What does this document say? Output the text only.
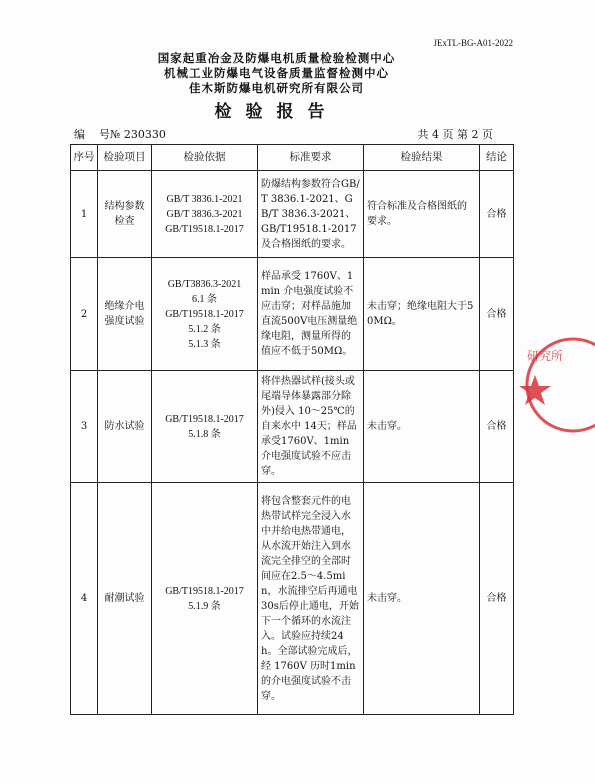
JExTL-BG-A01-2022
国家起重冶金及防爆电机质量检验检测中心
机械工业防爆电气设备质量监督检测中心
佳木斯防爆电机研究所有限公司
检验报告
编 号№ 230330	共 4 页 第 2 页
序号	检验项目	检验依据	标准要求	检验结果	结论
1	结构参数检查	GB/T 3836.1-2021
GB/T 3836.3-2021
GB/T19518.1-2017	防爆结构参数符合GB/T 3836.1-2021、GB/T 3836.3-2021、GB/T19518.1-2017及合格图纸的要求。	符合标准及合格图纸的要求。	合格
2	绝缘介电强度试验	GB/T3836.3-2021
6.1 条
GB/T19518.1-2017
5.1.2 条
5.1.3 条	样品承受 1760V、1min 介电强度试验不应击穿；对样品施加直流500V电压测量绝缘电阻，测量所得的值应不低于50MΩ。	未击穿；绝缘电阻大于50MΩ。	合格
3	防水试验	GB/T19518.1-2017
5.1.8 条	将伴热器试样(接头或尾端导体暴露部分除外)侵入 10～25℃的自来水中 14天；样品承受1760V、1min 介电强度试验不应击穿。	未击穿。	合格
4	耐潮试验	GB/T19518.1-2017
5.1.9 条	将包含整套元件的电热带试样完全浸入水中并给电热带通电，从水流开始注入到水流完全排空的全部时间应在2.5～4.5min，水流排空后再通电 30s后停止通电，开始下一个循环的水流注入。试验应持续24h。全部试验完成后，经 1760V 历时1min 的介电强度试验不击穿。	未击穿。	合格
研究所
